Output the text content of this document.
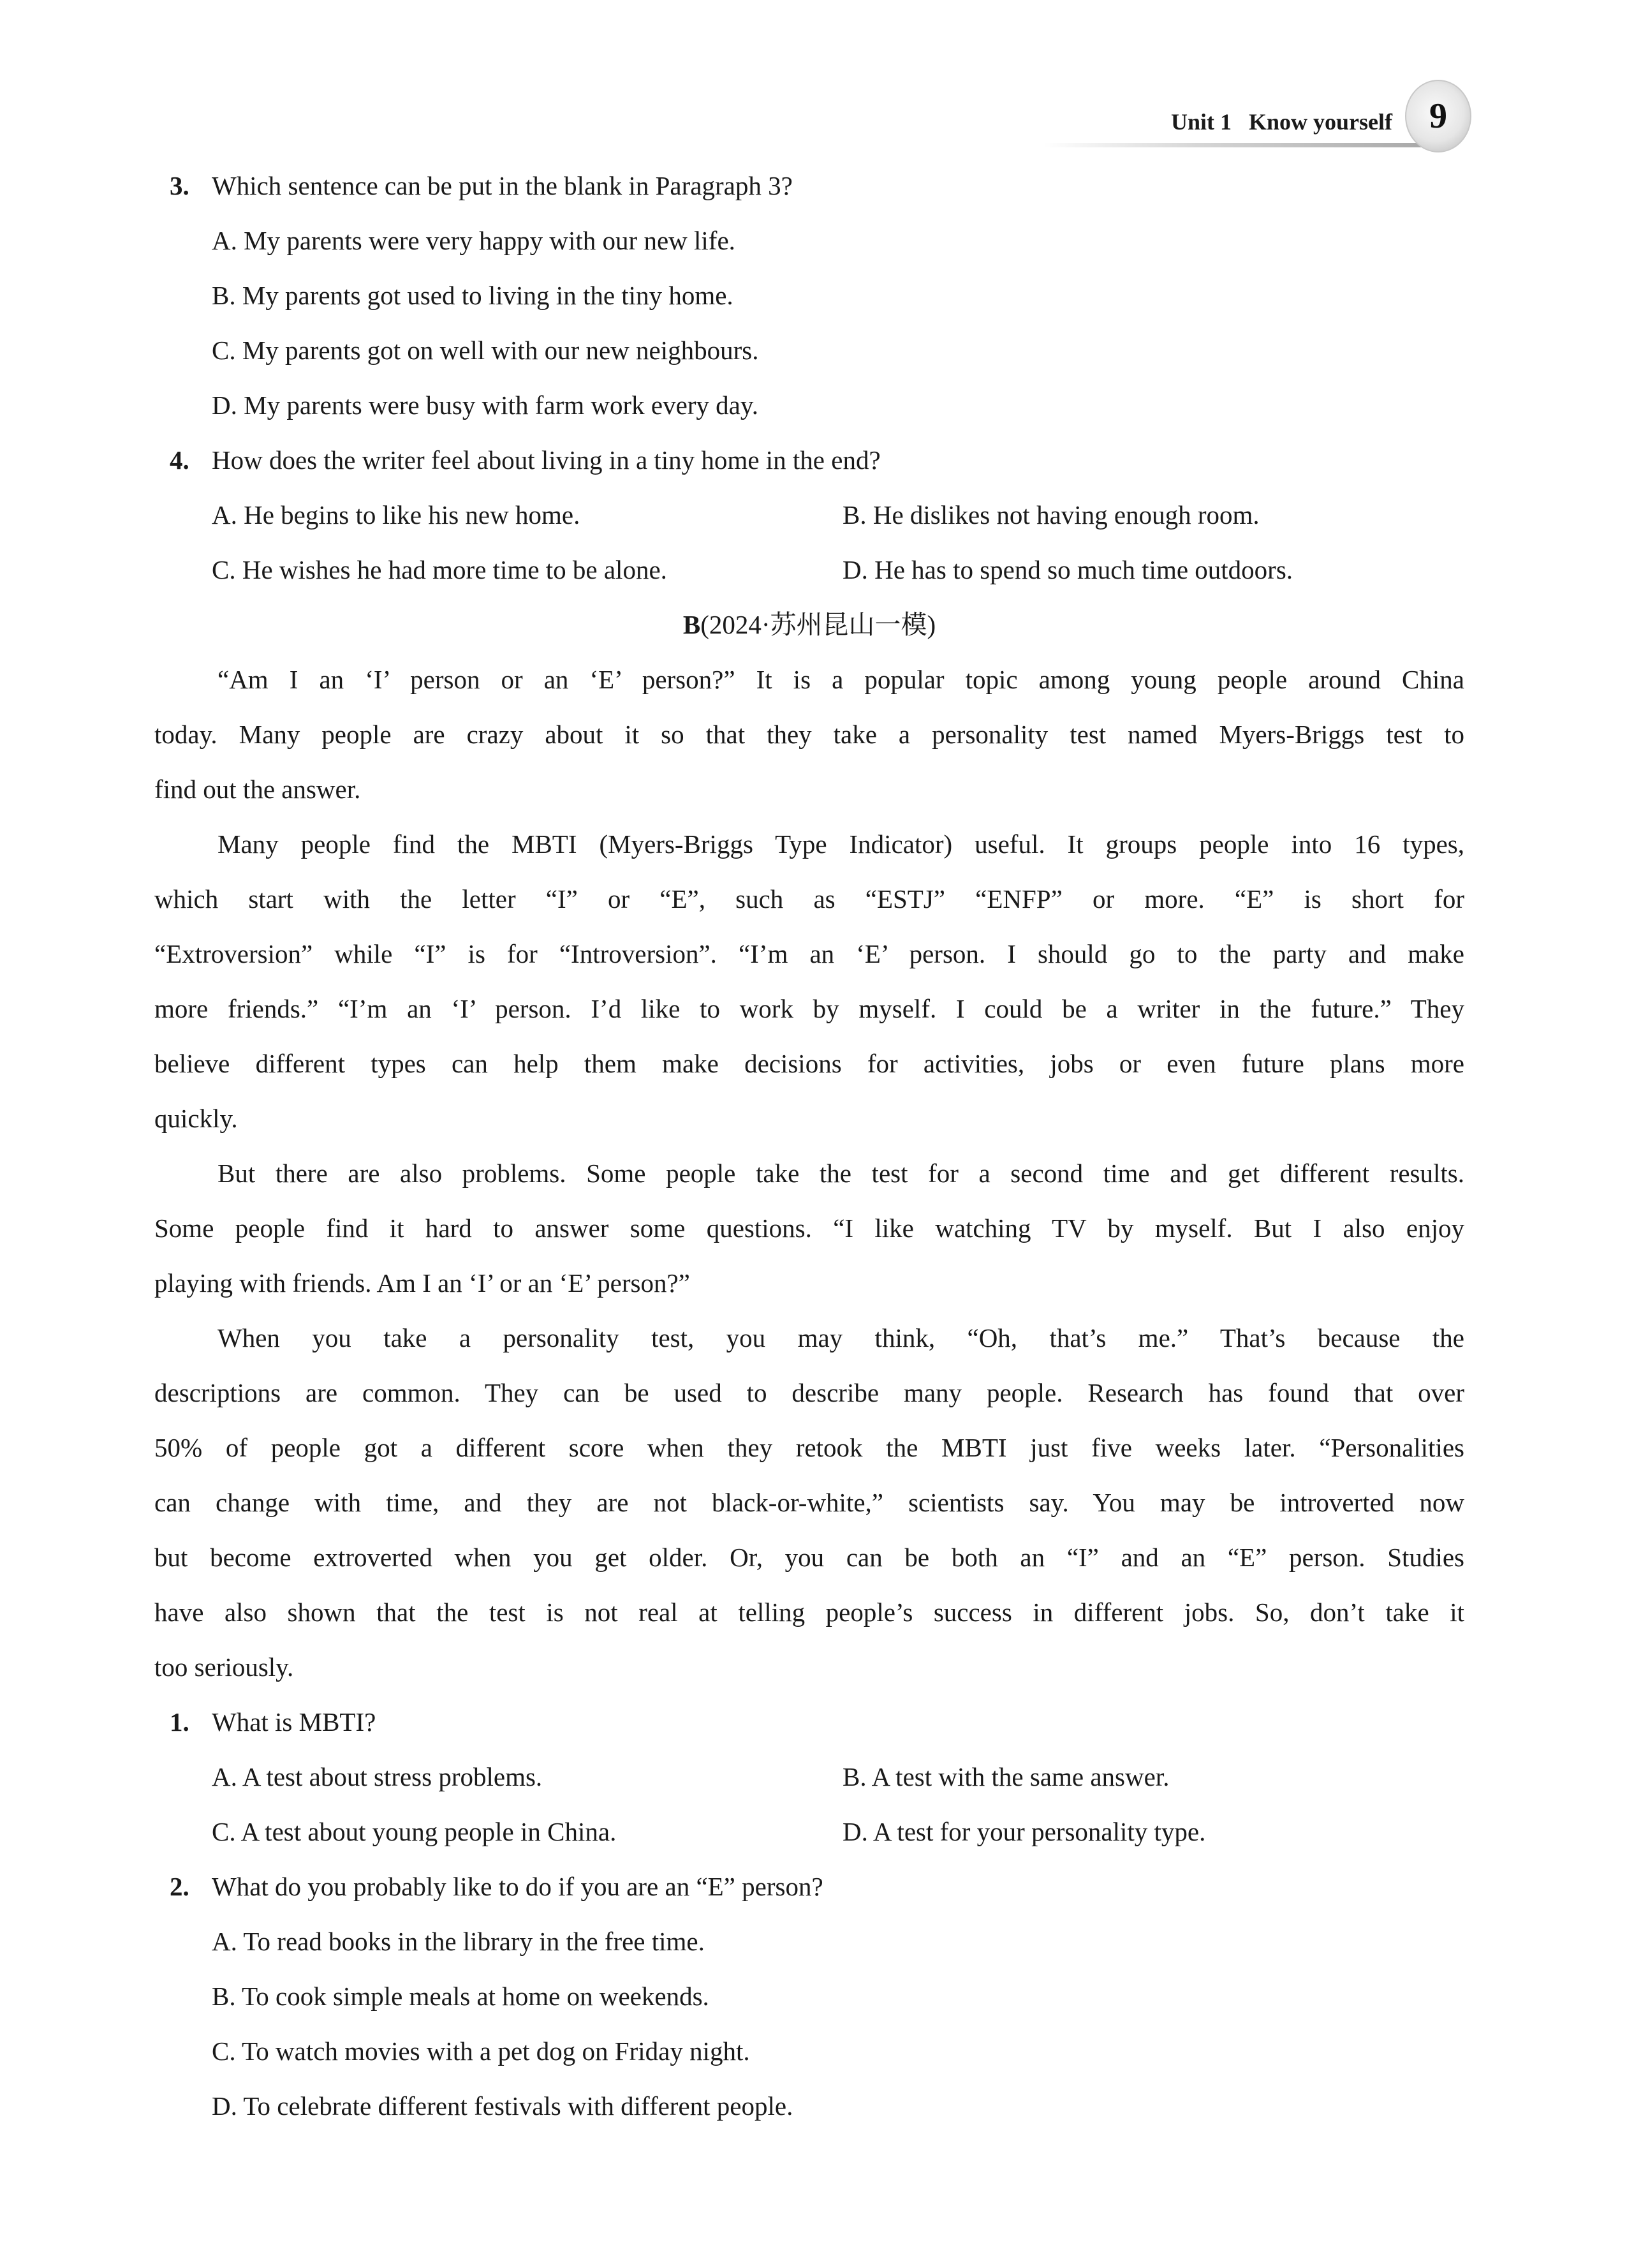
Unit 1   Know yourself 9
3. Which sentence can be put in the blank in Paragraph 3?
A. My parents were very happy with our new life.
B. My parents got used to living in the tiny home.
C. My parents got on well with our new neighbours.
D. My parents were busy with farm work every day.
4. How does the writer feel about living in a tiny home in the end?
A. He begins to like his new home.	B. He dislikes not having enough room.
C. He wishes he had more time to be alone.	D. He has to spend so much time outdoors.
B(2024·苏州昆山一模)
“Am I an ‘I’ person or an ‘E’ person?” It is a popular topic among young people around China
today. Many people are crazy about it so that they take a personality test named Myers-Briggs test to
find out the answer.
Many people find the MBTI (Myers-Briggs Type Indicator) useful. It groups people into 16 types,
which start with the letter “I” or “E”, such as “ESTJ” “ENFP” or more. “E” is short for
“Extroversion” while “I” is for “Introversion”. “I’m an ‘E’ person. I should go to the party and make
more friends.” “I’m an ‘I’ person. I’d like to work by myself. I could be a writer in the future.” They
believe different types can help them make decisions for activities, jobs or even future plans more
quickly.
But there are also problems. Some people take the test for a second time and get different results.
Some people find it hard to answer some questions. “I like watching TV by myself. But I also enjoy
playing with friends. Am I an ‘I’ or an ‘E’ person?”
When you take a personality test, you may think, “Oh, that’s me.” That’s because the
descriptions are common. They can be used to describe many people. Research has found that over
50% of people got a different score when they retook the MBTI just five weeks later. “Personalities
can change with time, and they are not black-or-white,” scientists say. You may be introverted now
but become extroverted when you get older. Or, you can be both an “I” and an “E” person. Studies
have also shown that the test is not real at telling people’s success in different jobs. So, don’t take it
too seriously.
1. What is MBTI?
A. A test about stress problems.	B. A test with the same answer.
C. A test about young people in China.	D. A test for your personality type.
2. What do you probably like to do if you are an “E” person?
A. To read books in the library in the free time.
B. To cook simple meals at home on weekends.
C. To watch movies with a pet dog on Friday night.
D. To celebrate different festivals with different people.
